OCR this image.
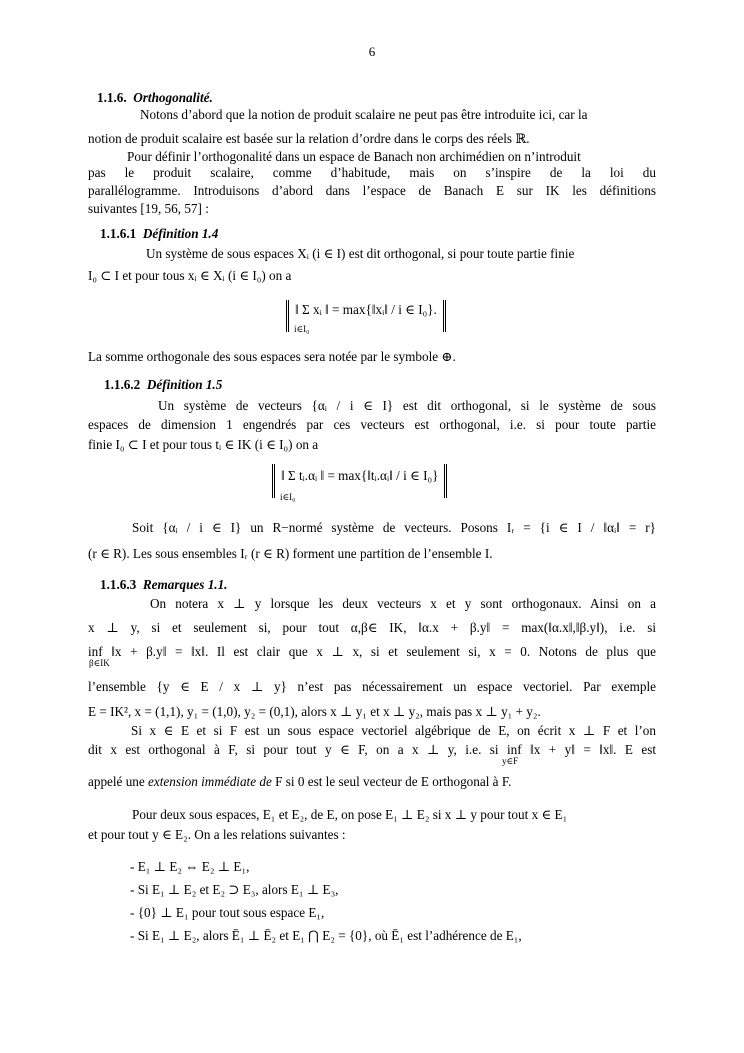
6
1.1.6. Orthogonalité.
Notons d’abord que la notion de produit scalaire ne peut pas être introduite ici, car la
notion de produit scalaire est basée sur la relation d’ordre dans le corps des réels ℝ.
Pour définir l’orthogonalité dans un espace de Banach non archimédien on n’introduit
pas le produit scalaire, comme d’habitude, mais on s’inspire de la loi du
parallélogramme. Introduisons d’abord dans l’espace de Banach E sur IK les définitions
suivantes [19, 56, 57] :
1.1.6.1 Définition 1.4
Un système de sous espaces Xᵢ (i ∈ I) est dit orthogonal, si pour toute partie finie
I₀ ⊂ I et pour tous xᵢ ∈ Xᵢ (i ∈ I₀) on a
‖ Σ xᵢ ‖ = max{‖xᵢ‖ / i ∈ I₀}.
i∈I₀
La somme orthogonale des sous espaces sera notée par le symbole ⊕.
1.1.6.2 Définition 1.5
Un système de vecteurs {αᵢ / i ∈ I} est dit orthogonal, si le système de sous
espaces de dimension 1 engendrés par ces vecteurs est orthogonal, i.e. si pour toute partie
finie I₀ ⊂ I et pour tous tᵢ ∈ IK (i ∈ I₀) on a
‖ Σ tᵢ.αᵢ ‖ = max{‖tᵢ.αᵢ‖ / i ∈ I₀}
i∈I₀
Soit {αᵢ / i ∈ I} un R−normé système de vecteurs. Posons Iᵣ = {i ∈ I / ‖αᵢ‖ = r}
(r ∈ R). Les sous ensembles Iᵣ (r ∈ R) forment une partition de l’ensemble I.
1.1.6.3 Remarques 1.1.
On notera x ⊥ y lorsque les deux vecteurs x et y sont orthogonaux. Ainsi on a
x ⊥ y, si et seulement si, pour tout α,β∈ IK, ‖α.x + β.y‖ = max(‖α.x‖,‖β.y‖), i.e. si
inf ‖x + β.y‖ = ‖x‖. Il est clair que x ⊥ x, si et seulement si, x = 0. Notons de plus que
β∈IK
l’ensemble {y ∈ E / x ⊥ y} n’est pas nécessairement un espace vectoriel. Par exemple
E = IK², x = (1,1), y₁ = (1,0), y₂ = (0,1), alors x ⊥ y₁ et x ⊥ y₂, mais pas x ⊥ y₁ + y₂.
Si x ∈ E et si F est un sous espace vectoriel algébrique de E, on écrit x ⊥ F et l’on
dit x est orthogonal à F, si pour tout y ∈ F, on a x ⊥ y, i.e. si inf ‖x + y‖ = ‖x‖. E est
y∈F
appelé une extension immédiate de F si 0 est le seul vecteur de E orthogonal à F.
Pour deux sous espaces, E₁ et E₂, de E, on pose E₁ ⊥ E₂ si x ⊥ y pour tout x ∈ E₁
et pour tout y ∈ E₂. On a les relations suivantes :
- E₁ ⊥ E₂ ⇔ E₂ ⊥ E₁,
- Si E₁ ⊥ E₂ et E₂ ⊃ E₃, alors E₁ ⊥ E₃,
- {0} ⊥ E₁ pour tout sous espace E₁,
- Si E₁ ⊥ E₂, alors Ē₁ ⊥ Ē₂ et E₁ ⋂ E₂ = {0}, où Ē₁ est l’adhérence de E₁,
